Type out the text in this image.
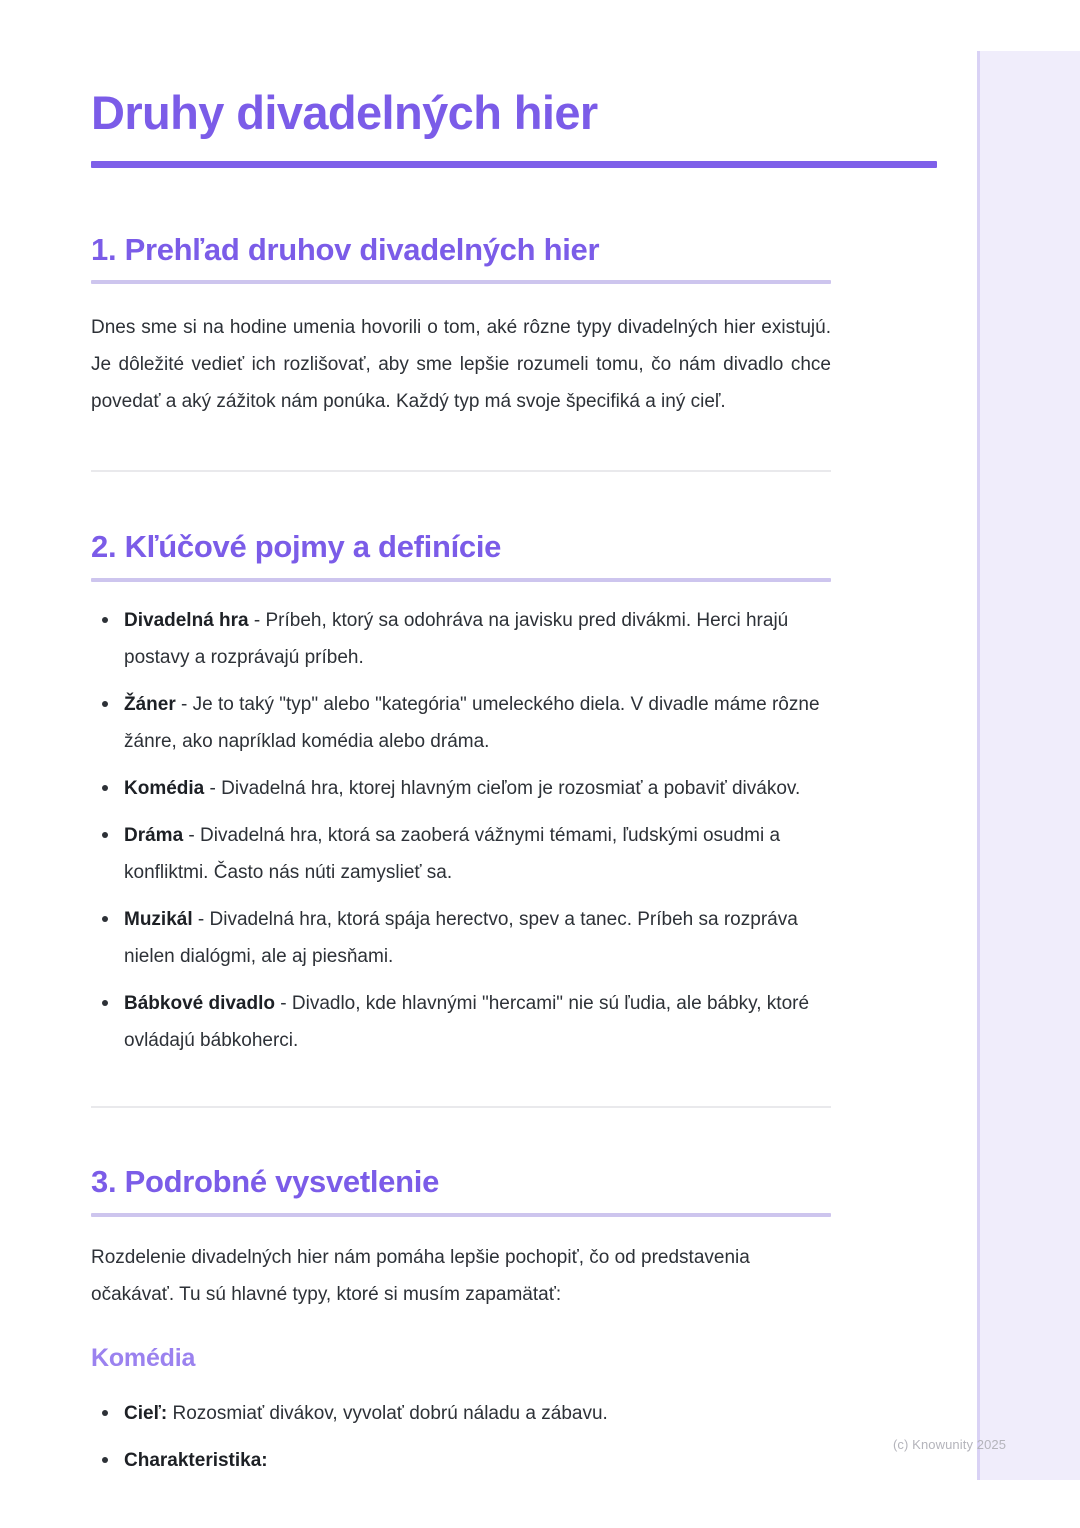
Druhy divadelných hier
1. Prehľad druhov divadelných hier

Dnes sme si na hodine umenia hovorili o tom, aké rôzne typy divadelných hier existujú. Je dôležité vedieť ich rozlišovať, aby sme lepšie rozumeli tomu, čo nám divadlo chce povedať a aký zážitok nám ponúka. Každý typ má svoje špecifiká a iný cieľ.

2. Kľúčové pojmy a definície
Divadelná hra - Príbeh, ktorý sa odohráva na javisku pred divákmi. Herci hrajú postavy a rozprávajú príbeh.
Žáner - Je to taký "typ" alebo "kategória" umeleckého diela. V divadle máme rôzne žánre, ako napríklad komédia alebo dráma.
Komédia - Divadelná hra, ktorej hlavným cieľom je rozosmiať a pobaviť divákov.
Dráma - Divadelná hra, ktorá sa zaoberá vážnymi témami, ľudskými osudmi a konfliktmi. Často nás núti zamyslieť sa.
Muzikál - Divadelná hra, ktorá spája herectvo, spev a tanec. Príbeh sa rozpráva nielen dialógmi, ale aj piesňami.
Bábkové divadlo - Divadlo, kde hlavnými "hercami" nie sú ľudia, ale bábky, ktoré ovládajú bábkoherci.
3. Podrobné vysvetlenie

Rozdelenie divadelných hier nám pomáha lepšie pochopiť, čo od predstavenia očakávať. Tu sú hlavné typy, ktoré si musím zapamätať:

Komédia
Cieľ: Rozosmiať divákov, vyvolať dobrú náladu a zábavu.
Charakteristika:
(c) Knowunity 2025
